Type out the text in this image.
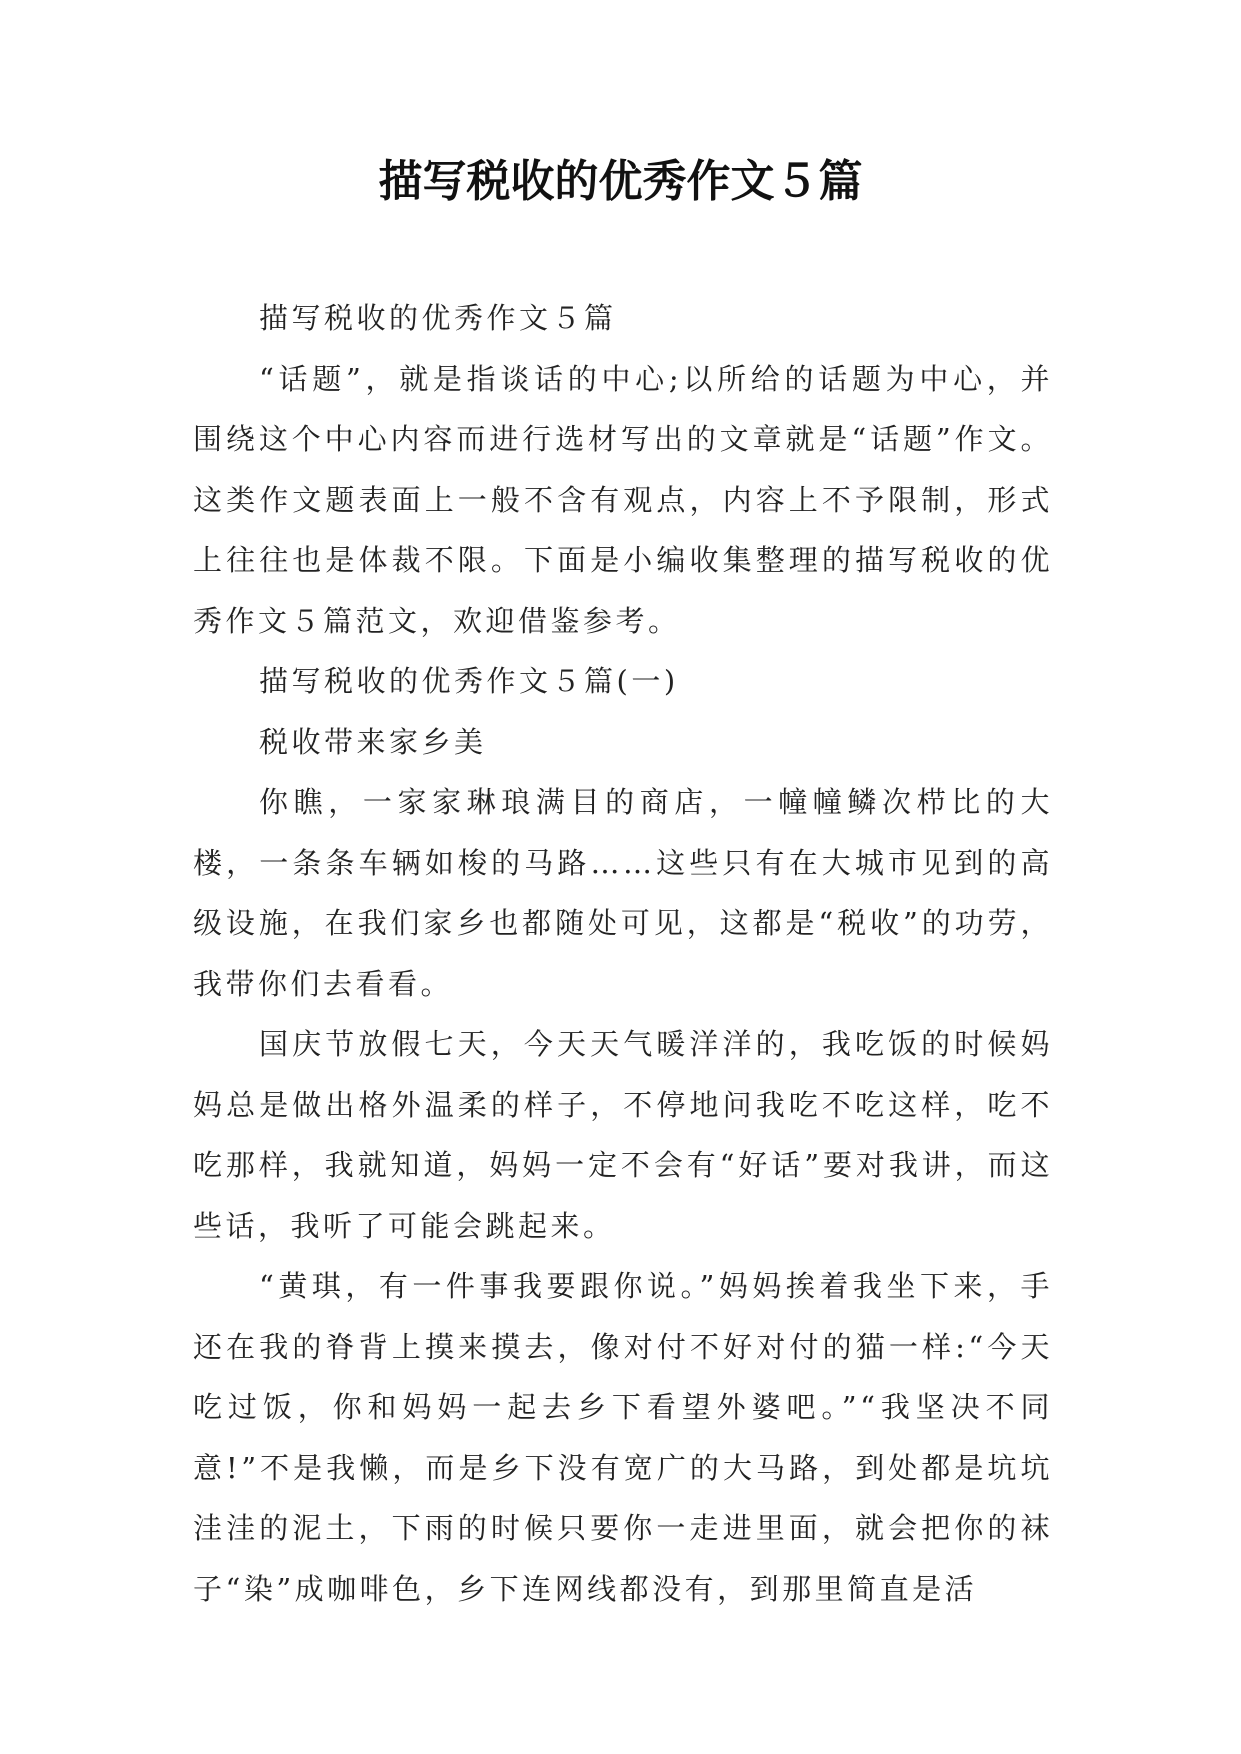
描写税收的优秀作文５篇

描写税收的优秀作文５篇

“话题”，就是指谈话的中心;以所给的话题为中心，并围绕这个中心内容而进行选材写出的文章就是“话题”作文。这类作文题表面上一般不含有观点，内容上不予限制，形式上往往也是体裁不限。下面是小编收集整理的描写税收的优秀作文５篇范文，欢迎借鉴参考。

描写税收的优秀作文５篇(一)

税收带来家乡美

你瞧，一家家琳琅满目的商店，一幢幢鳞次栉比的大楼，一条条车辆如梭的马路……这些只有在大城市见到的高级设施，在我们家乡也都随处可见，这都是“税收”的功劳，我带你们去看看。

国庆节放假七天，今天天气暖洋洋的，我吃饭的时候妈妈总是做出格外温柔的样子，不停地问我吃不吃这样，吃不吃那样，我就知道，妈妈一定不会有“好话”要对我讲，而这些话，我听了可能会跳起来。

“黄琪，有一件事我要跟你说。”妈妈挨着我坐下来，手还在我的脊背上摸来摸去，像对付不好对付的猫一样:“今天吃过饭，你和妈妈一起去乡下看望外婆吧。”“我坚决不同意!”不是我懒，而是乡下没有宽广的大马路，到处都是坑坑洼洼的泥土，下雨的时候只要你一走进里面，就会把你的袜子“染”成咖啡色，乡下连网线都没有，到那里简直是活
